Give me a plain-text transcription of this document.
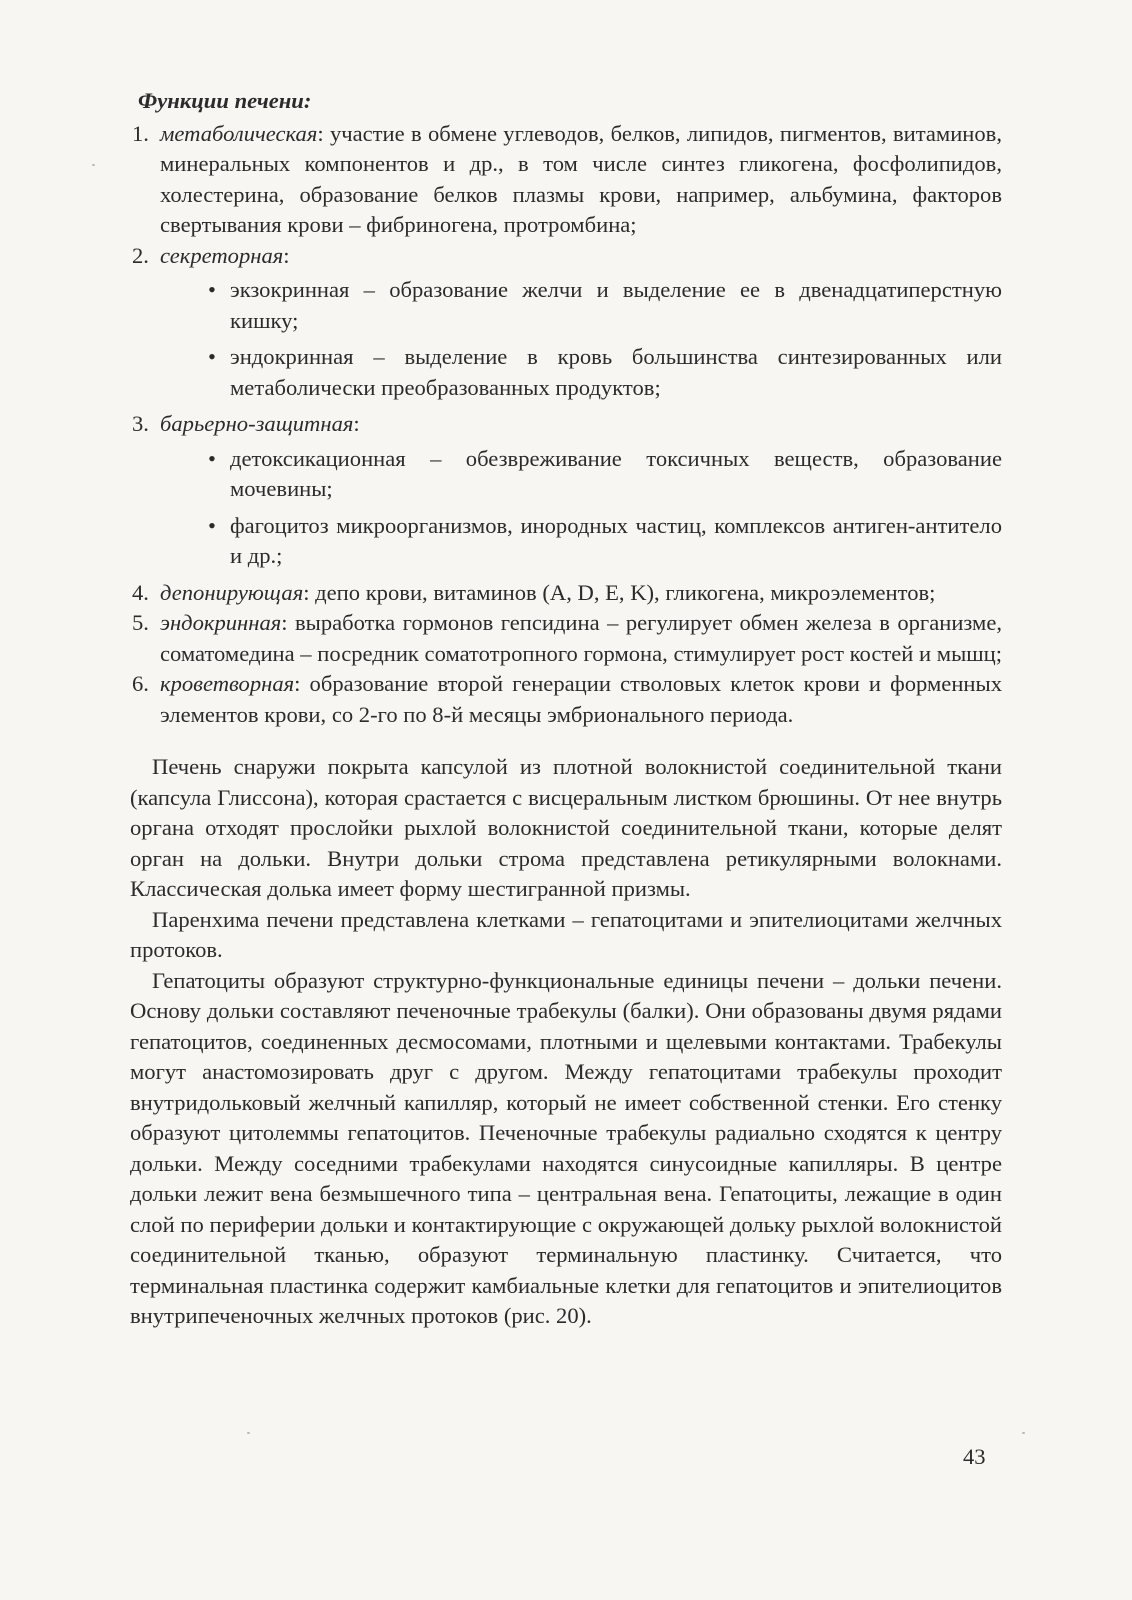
Функции печени:
1. метаболическая: участие в обмене углеводов, белков, липидов, пигментов, витаминов, минеральных компонентов и др., в том числе синтез гликогена, фосфолипидов, холестерина, образование белков плазмы крови, например, альбумина, факторов свертывания крови – фибриногена, протромбина;
2. секреторная:
• экзокринная – образование желчи и выделение ее в двенадцатиперстную кишку;
• эндокринная – выделение в кровь большинства синтезированных или метаболически преобразованных продуктов;
3. барьерно-защитная:
• детоксикационная – обезвреживание токсичных веществ, образование мочевины;
• фагоцитоз микроорганизмов, инородных частиц, комплексов антиген-антитело и др.;
4. депонирующая: депо крови, витаминов (A, D, E, K), гликогена, микроэлементов;
5. эндокринная: выработка гормонов гепсидина – регулирует обмен железа в организме, соматомедина – посредник соматотропного гормона, стимулирует рост костей и мышц;
6. кроветворная: образование второй генерации стволовых клеток крови и форменных элементов крови, со 2-го по 8-й месяцы эмбрионального периода.

Печень снаружи покрыта капсулой из плотной волокнистой соединительной ткани (капсула Глиссона), которая срастается с висцеральным листком брюшины. От нее внутрь органа отходят прослойки рыхлой волокнистой соединительной ткани, которые делят орган на дольки. Внутри дольки строма представлена ретикулярными волокнами. Классическая долька имеет форму шестигранной призмы.

Паренхима печени представлена клетками – гепатоцитами и эпителиоцитами желчных протоков.

Гепатоциты образуют структурно-функциональные единицы печени – дольки печени. Основу дольки составляют печеночные трабекулы (балки). Они образованы двумя рядами гепатоцитов, соединенных десмосомами, плотными и щелевыми контактами. Трабекулы могут анастомозировать друг с другом. Между гепатоцитами трабекулы проходит внутридольковый желчный капилляр, который не имеет собственной стенки. Его стенку образуют цитолеммы гепатоцитов. Печеночные трабекулы радиально сходятся к центру дольки. Между соседними трабекулами находятся синусоидные капилляры. В центре дольки лежит вена безмышечного типа – центральная вена. Гепатоциты, лежащие в один слой по периферии дольки и контактирующие с окружающей дольку рыхлой волокнистой соединительной тканью, образуют терминальную пластинку. Считается, что терминальная пластинка содержит камбиальные клетки для гепатоцитов и эпителиоцитов внутрипеченочных желчных протоков (рис. 20).

43
